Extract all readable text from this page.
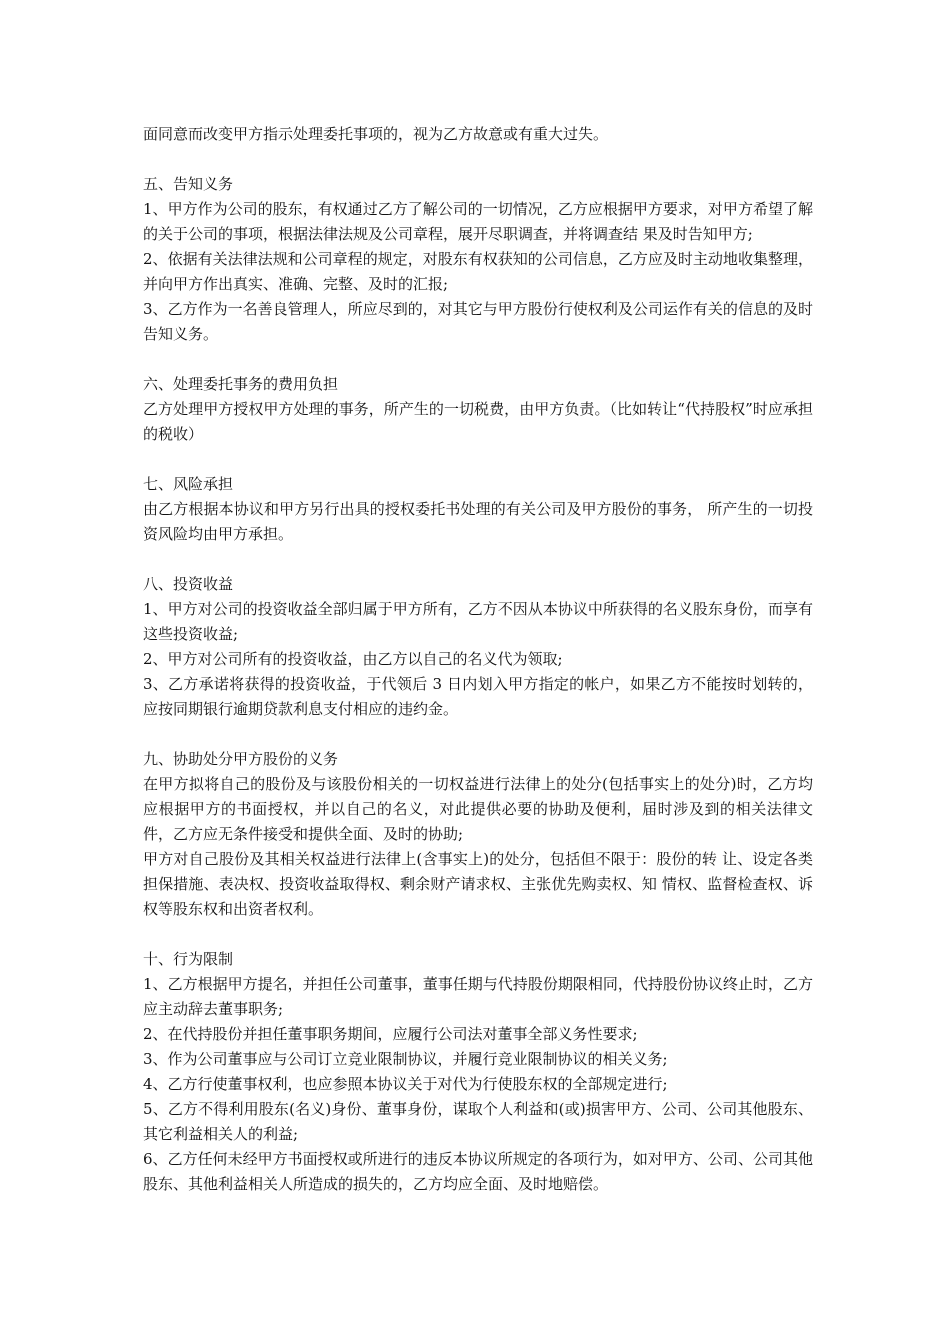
面同意而改变甲方指示处理委托事项的，视为乙方故意或有重大过失。

五、告知义务

1、甲方作为公司的股东，有权通过乙方了解公司的一切情况，乙方应根据甲方要求，对甲方希望了解的关于公司的事项，根据法律法规及公司章程，展开尽职调查，并将调查结 果及时告知甲方;

2、依据有关法律法规和公司章程的规定，对股东有权获知的公司信息，乙方应及时主动地收集整理，并向甲方作出真实、准确、完整、及时的汇报;

3、乙方作为一名善良管理人，所应尽到的，对其它与甲方股份行使权利及公司运作有关的信息的及时告知义务。

六、处理委托事务的费用负担

乙方处理甲方授权甲方处理的事务，所产生的一切税费，由甲方负责。（比如转让“代持股权”时应承担的税收）

七、风险承担

由乙方根据本协议和甲方另行出具的授权委托书处理的有关公司及甲方股份的事务， 所产生的一切投资风险均由甲方承担。

八、投资收益

1、甲方对公司的投资收益全部归属于甲方所有，乙方不因从本协议中所获得的名义股东身份，而享有这些投资收益;

2、甲方对公司所有的投资收益，由乙方以自己的名义代为领取;

3、乙方承诺将获得的投资收益，于代领后 3 日内划入甲方指定的帐户，如果乙方不能按时划转的，应按同期银行逾期贷款利息支付相应的违约金。

九、协助处分甲方股份的义务

在甲方拟将自己的股份及与该股份相关的一切权益进行法律上的处分(包括事实上的处分)时，乙方均应根据甲方的书面授权，并以自己的名义，对此提供必要的协助及便利，届时涉及到的相关法律文件，乙方应无条件接受和提供全面、及时的协助;

甲方对自己股份及其相关权益进行法律上(含事实上)的处分，包括但不限于：股份的转 让、设定各类担保措施、表决权、投资收益取得权、剩余财产请求权、主张优先购卖权、知 情权、监督检查权、诉权等股东权和出资者权利。

十、行为限制

1、乙方根据甲方提名，并担任公司董事，董事任期与代持股份期限相同，代持股份协议终止时，乙方应主动辞去董事职务;

2、在代持股份并担任董事职务期间，应履行公司法对董事全部义务性要求;

3、作为公司董事应与公司订立竞业限制协议，并履行竞业限制协议的相关义务;

4、乙方行使董事权利，也应参照本协议关于对代为行使股东权的全部规定进行;

5、乙方不得利用股东(名义)身份、董事身份，谋取个人利益和(或)损害甲方、公司、公司其他股东、其它利益相关人的利益;

6、乙方任何未经甲方书面授权或所进行的违反本协议所规定的各项行为，如对甲方、公司、公司其他股东、其他利益相关人所造成的损失的，乙方均应全面、及时地赔偿。
